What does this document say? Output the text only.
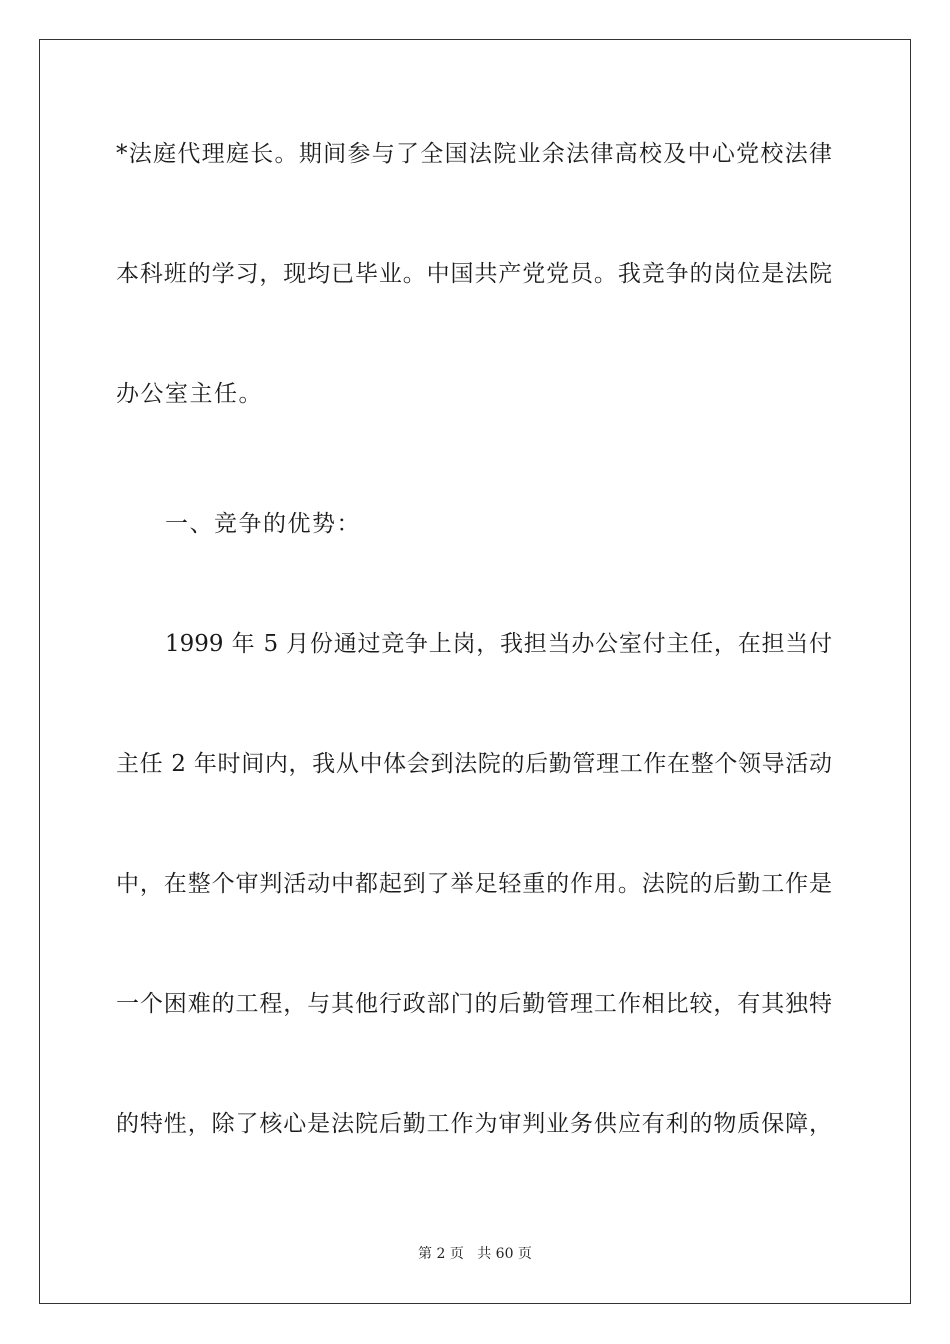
*法庭代理庭长。期间参与了全国法院业余法律高校及中心党校法律
本科班的学习，现均已毕业。中国共产党党员。我竞争的岗位是法院
办公室主任。
一、竞争的优势：
1999 年 5 月份通过竞争上岗，我担当办公室付主任，在担当付
主任 2 年时间内，我从中体会到法院的后勤管理工作在整个领导活动
中，在整个审判活动中都起到了举足轻重的作用。法院的后勤工作是
一个困难的工程，与其他行政部门的后勤管理工作相比较，有其独特
的特性，除了核心是法院后勤工作为审判业务供应有利的物质保障，
第 2 页 共 60 页
